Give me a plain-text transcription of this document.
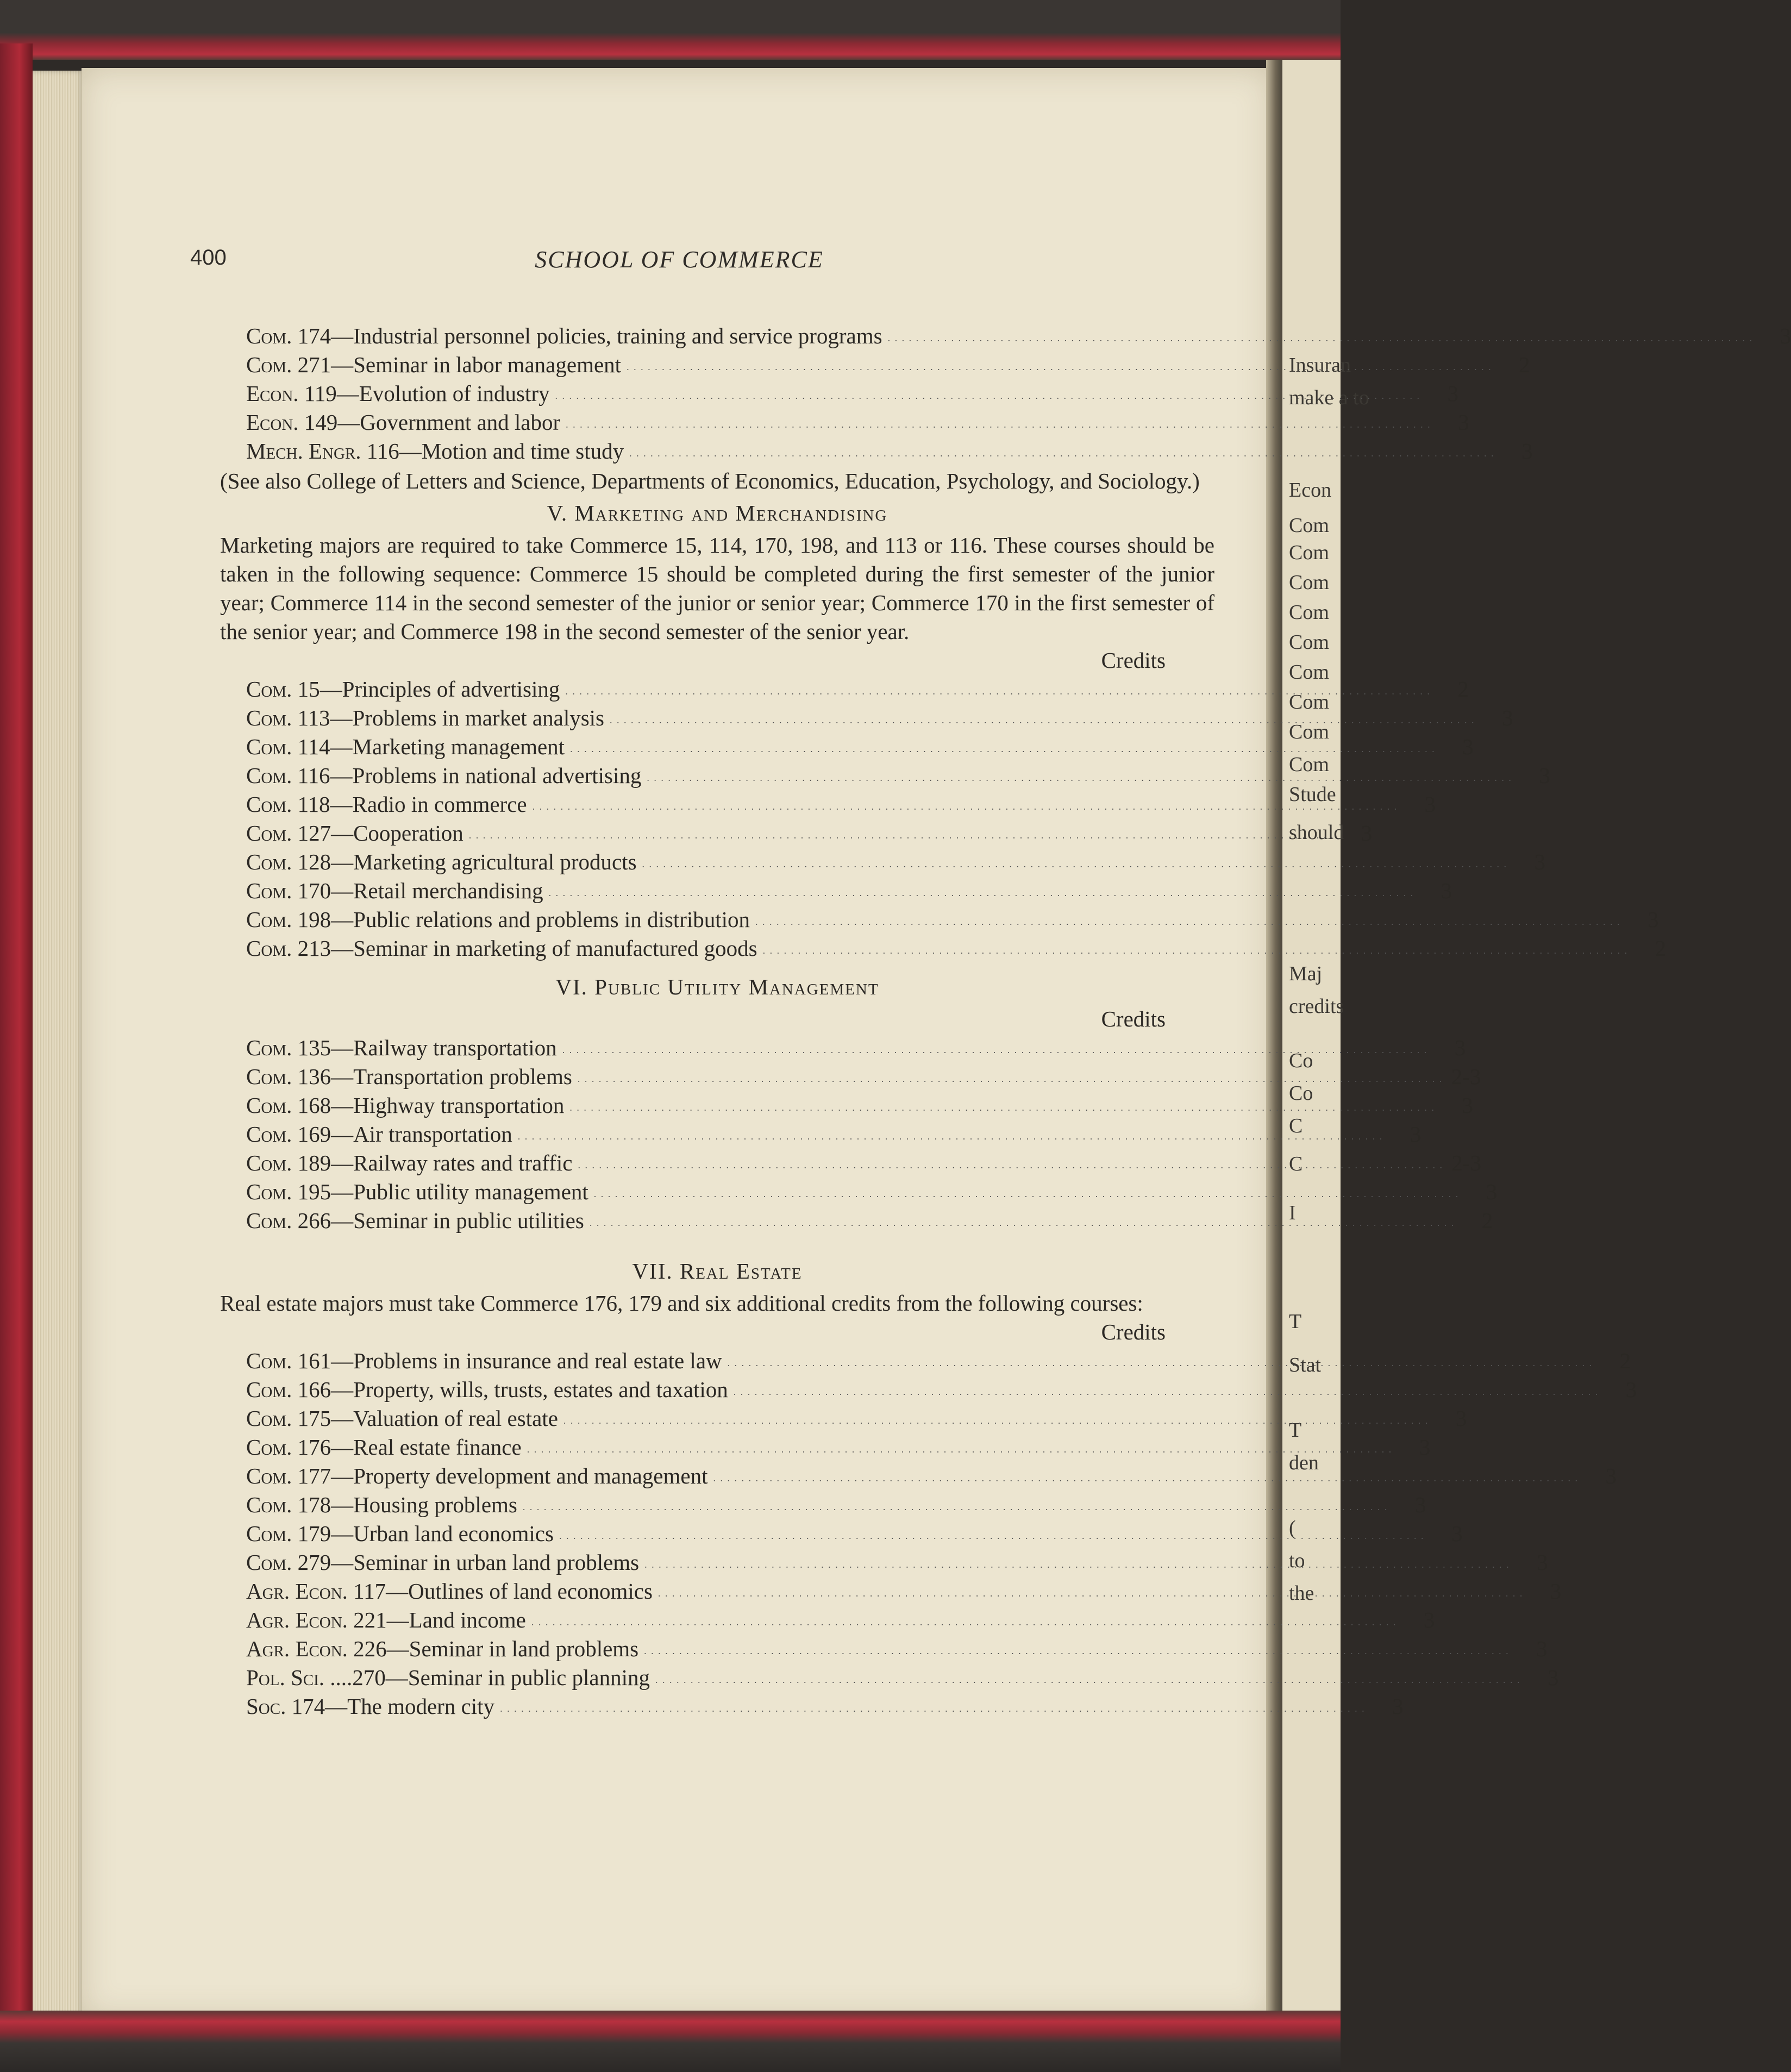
Insuran
make a to
Econ
Com
Com
Com
Com
Com
Com
Com
Com
Com
Stude
should
Maj
credits
Co
Co
C
C
I
T
Stat
T
den
(
to
the
400	SCHOOL OF COMMERCE
Com. 174—Industrial personnel policies, training and service programs . . .	3
Com. 271—Seminar in labor management . . .	2
Econ. 119—Evolution of industry . . .	3
Econ. 149—Government and labor . . .	3
Mech. Engr. 116—Motion and time study . . .	3
(See also College of Letters and Science, Departments of Economics, Education, Psychology, and Sociology.)
V. Marketing and Merchandising
Marketing majors are required to take Commerce 15, 114, 170, 198, and 113 or 116. These courses should be taken in the following sequence: Commerce 15 should be completed during the first semester of the junior year; Commerce 114 in the second semester of the junior or senior year; Commerce 170 in the first semester of the senior year; and Commerce 198 in the second semester of the senior year.
Credits
Com. 15—Principles of advertising . . .	2
Com. 113—Problems in market analysis . . .	3
Com. 114—Marketing management . . .	3
Com. 116—Problems in national advertising . . .	3
Com. 118—Radio in commerce . . .	3
Com. 127—Cooperation . . .	3
Com. 128—Marketing agricultural products . . .	3
Com. 170—Retail merchandising . . .	3
Com. 198—Public relations and problems in distribution . . .	3
Com. 213—Seminar in marketing of manufactured goods . . .	2
VI. Public Utility Management
Credits
Com. 135—Railway transportation . . .	3
Com. 136—Transportation problems . . .	2-3
Com. 168—Highway transportation . . .	3
Com. 169—Air transportation . . .	3
Com. 189—Railway rates and traffic . . .	2-3
Com. 195—Public utility management . . .	3
Com. 266—Seminar in public utilities . . .	2
VII. Real Estate
Real estate majors must take Commerce 176, 179 and six additional credits from the following courses:
Credits
Com. 161—Problems in insurance and real estate law . . .	2
Com. 166—Property, wills, trusts, estates and taxation . . .	3
Com. 175—Valuation of real estate . . .	3
Com. 176—Real estate finance . . .	3
Com. 177—Property development and management . . .	3
Com. 178—Housing problems . . .	3
Com. 179—Urban land economics . . .	3
Com. 279—Seminar in urban land problems . . .	3
Agr. Econ. 117—Outlines of land economics . . .	3
Agr. Econ. 221—Land income . . .	3
Agr. Econ. 226—Seminar in land problems . . .	3
Pol. Sci. ....270—Seminar in public planning . . .	3
Soc. 174—The modern city . . .	3
